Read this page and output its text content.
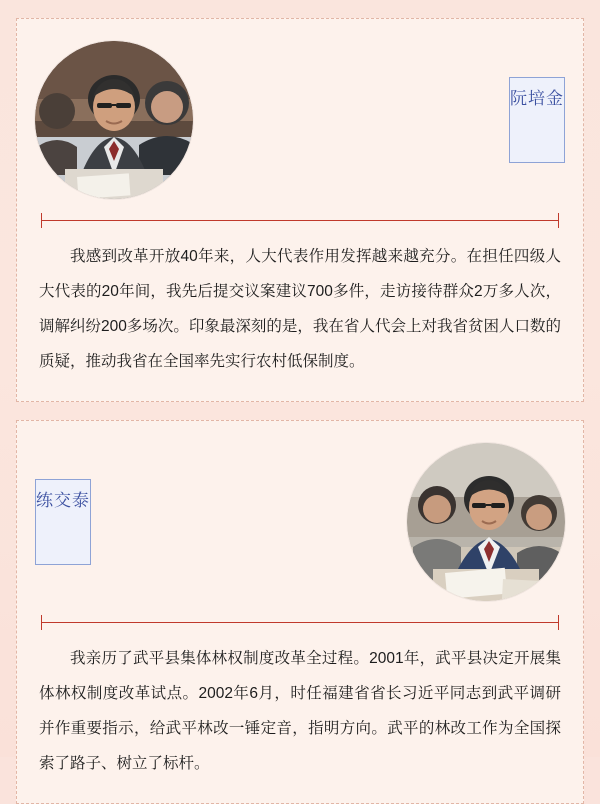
阮培金

我感到改革开放40年来，人大代表作用发挥越来越充分。在担任四级人大代表的20年间，我先后提交议案建议700多件，走访接待群众2万多人次，调解纠纷200多场次。印象最深刻的是，我在省人代会上对我省贫困人口数的质疑，推动我省在全国率先实行农村低保制度。

练交泰

我亲历了武平县集体林权制度改革全过程。2001年，武平县决定开展集体林权制度改革试点。2002年6月，时任福建省省长习近平同志到武平调研并作重要指示，给武平林改一锤定音，指明方向。武平的林改工作为全国探索了路子、树立了标杆。
